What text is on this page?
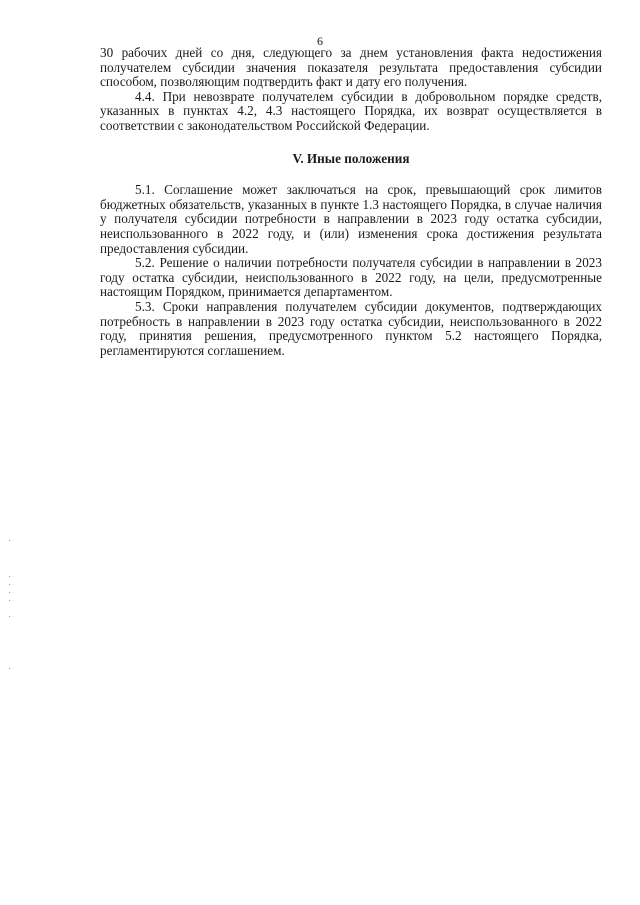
6

30 рабочих дней со дня, следующего за днем установления факта недостижения получателем субсидии значения показателя результата предоставления субсидии способом, позволяющим подтвердить факт и дату его получения.

4.4. При невозврате получателем субсидии в добровольном порядке средств, указанных в пунктах 4.2, 4.3 настоящего Порядка, их возврат осуществляется в соответствии с законодательством Российской Федерации.

V. Иные положения

5.1. Соглашение может заключаться на срок, превышающий срок лимитов бюджетных обязательств, указанных в пункте 1.3 настоящего Порядка, в случае наличия у получателя субсидии потребности в направлении в 2023 году остатка субсидии, неиспользованного в 2022 году, и (или) изменения срока достижения результата предоставления субсидии.

5.2. Решение о наличии потребности получателя субсидии в направлении в 2023 году остатка субсидии, неиспользованного в 2022 году, на цели, предусмотренные настоящим Порядком, принимается департаментом.

5.3. Сроки направления получателем субсидии документов, подтверждающих потребность в направлении в 2023 году остатка субсидии, неиспользованного в 2022 году, принятия решения, предусмотренного пунктом 5.2 настоящего Порядка, регламентируются соглашением.
